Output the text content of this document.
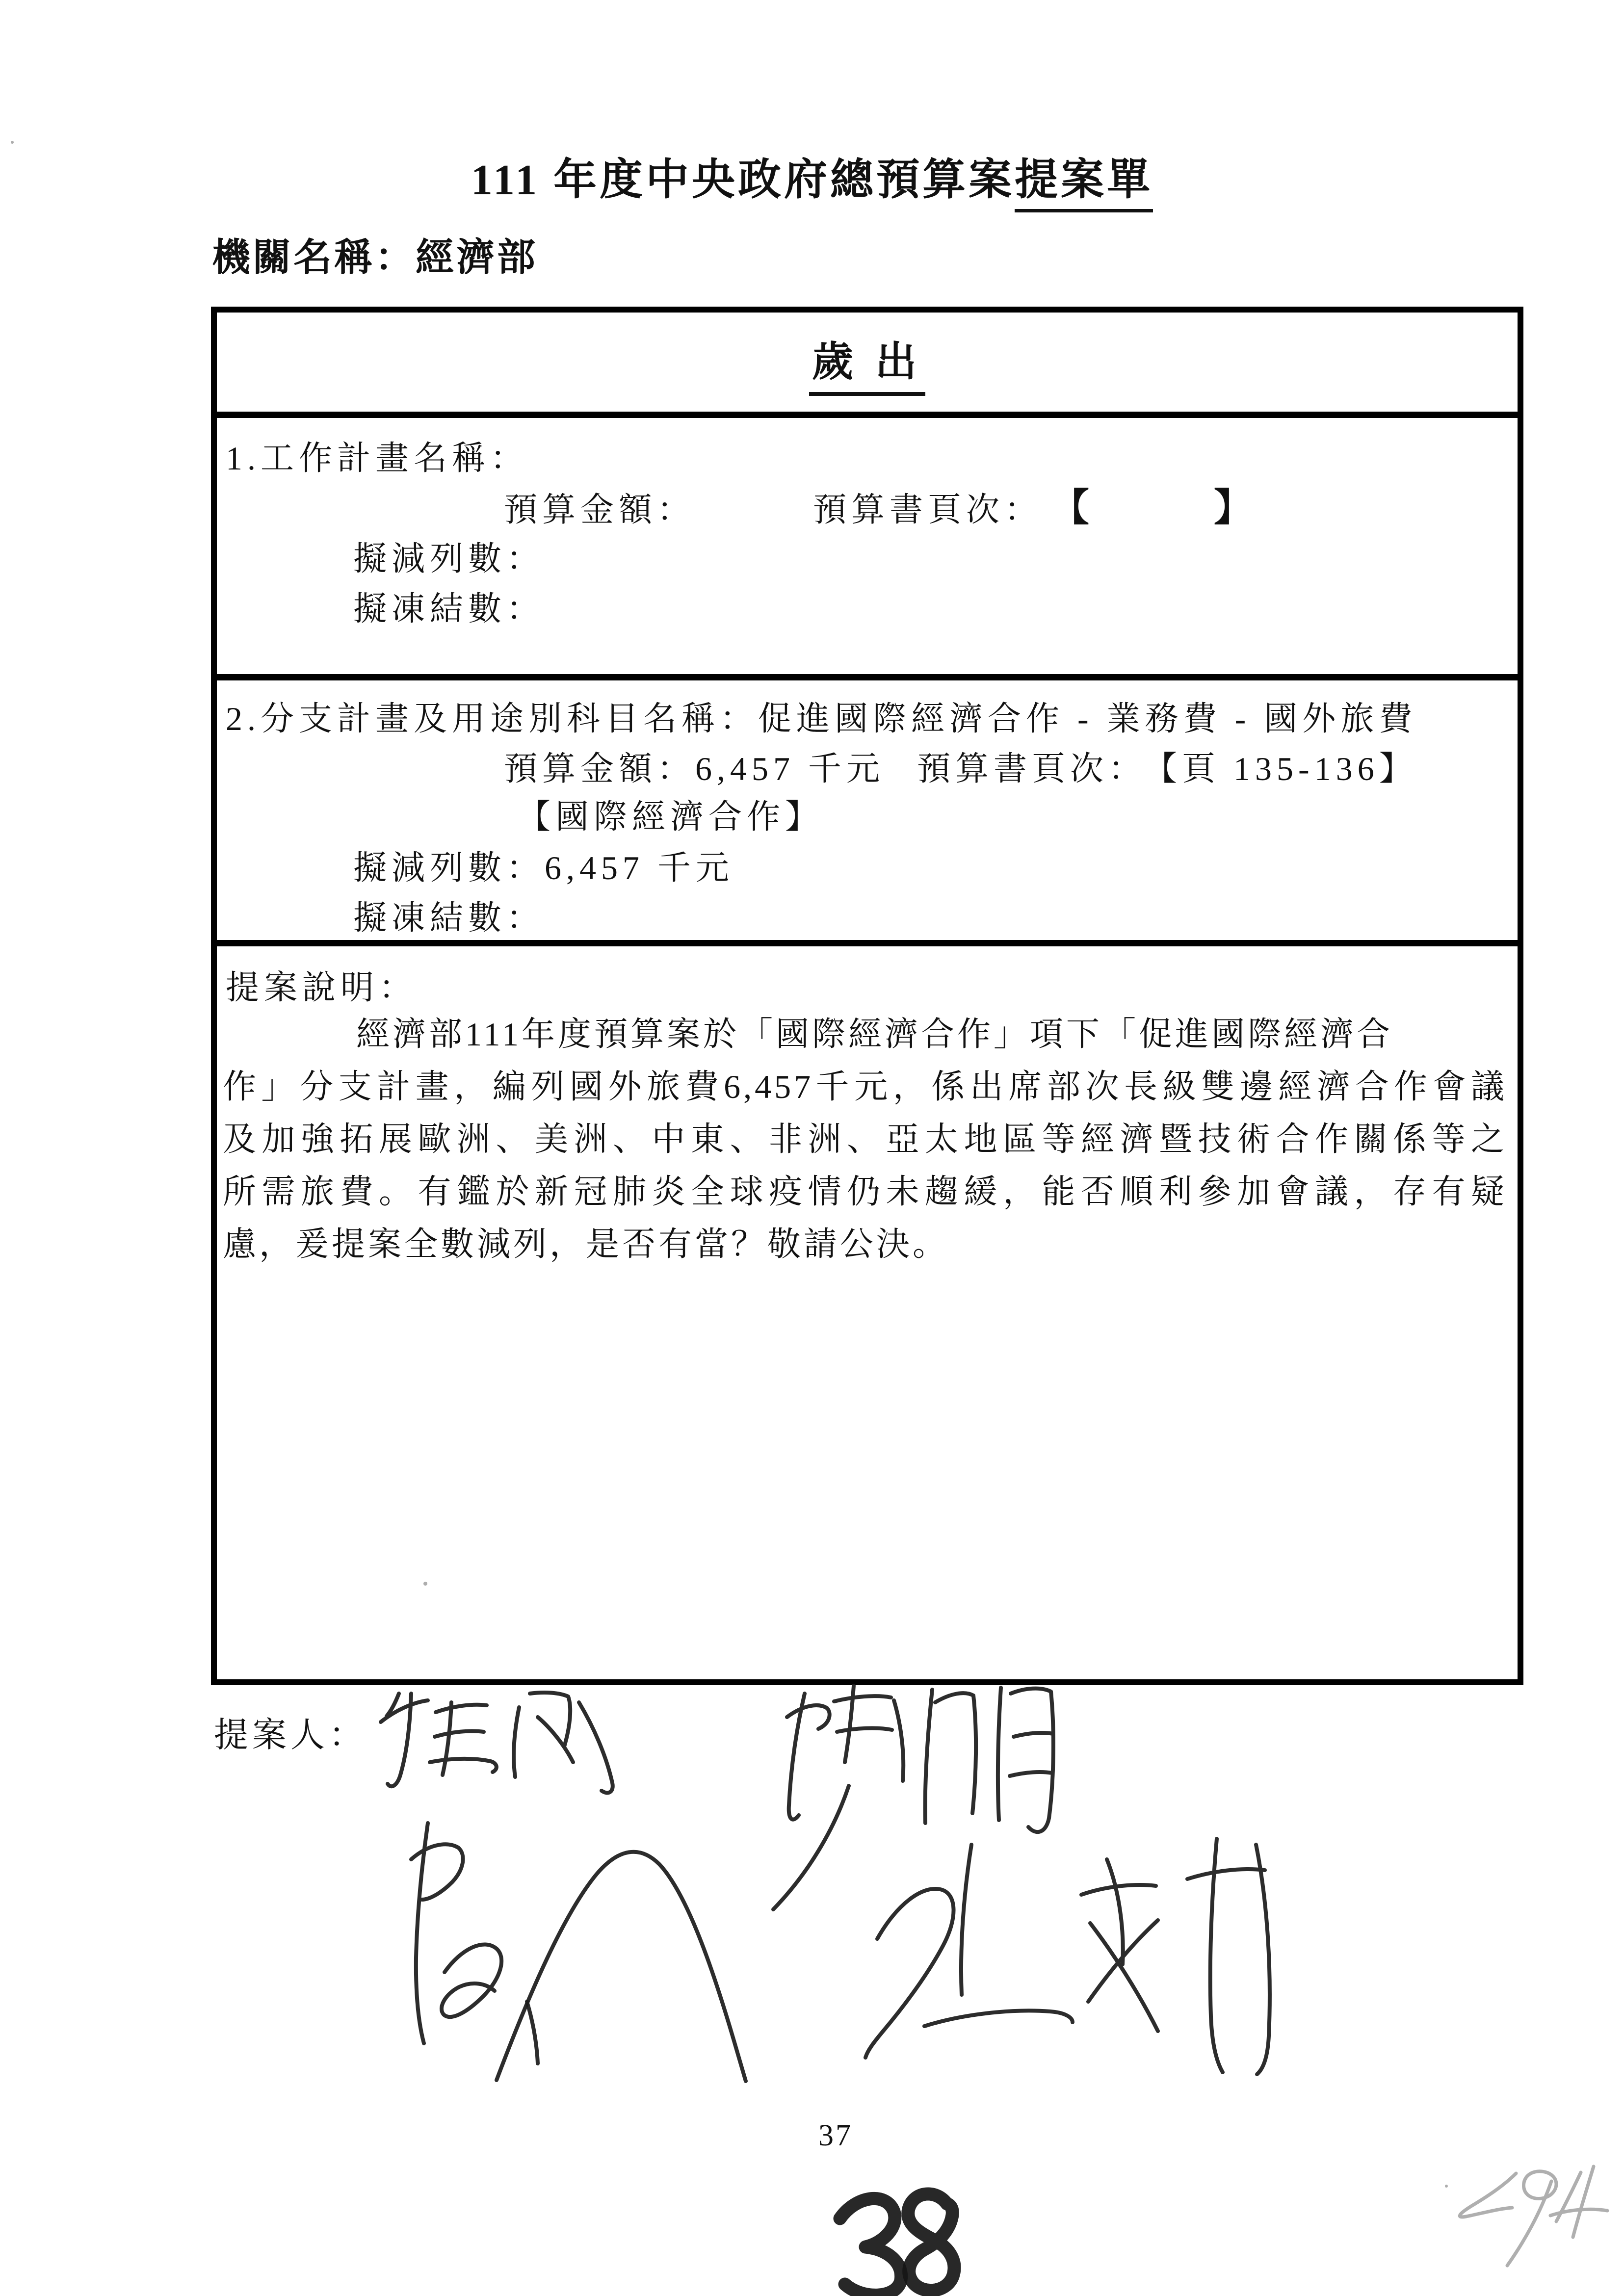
111 年度中央政府總預算案提案單
機關名稱：經濟部
歲 出
1.工作計畫名稱：
預算金額：	預算書頁次： 【	】
擬減列數：
擬凍結數：
2.分支計畫及用途別科目名稱：促進國際經濟合作 - 業務費 - 國外旅費
預算金額：6,457 千元 預算書頁次： 【頁 135-136】
【國際經濟合作】
擬減列數：6,457 千元
擬凍結數：
提案說明：
經濟部111年度預算案於「國際經濟合作」項下「促進國際經濟合
作」分支計畫，編列國外旅費6,457千元，係出席部次長級雙邊經濟合作會議
及加強拓展歐洲、美洲、中東、非洲、亞太地區等經濟暨技術合作關係等之
所需旅費。有鑑於新冠肺炎全球疫情仍未趨緩，能否順利參加會議，存有疑
慮，爰提案全數減列，是否有當？敬請公決。
提案人：
37
